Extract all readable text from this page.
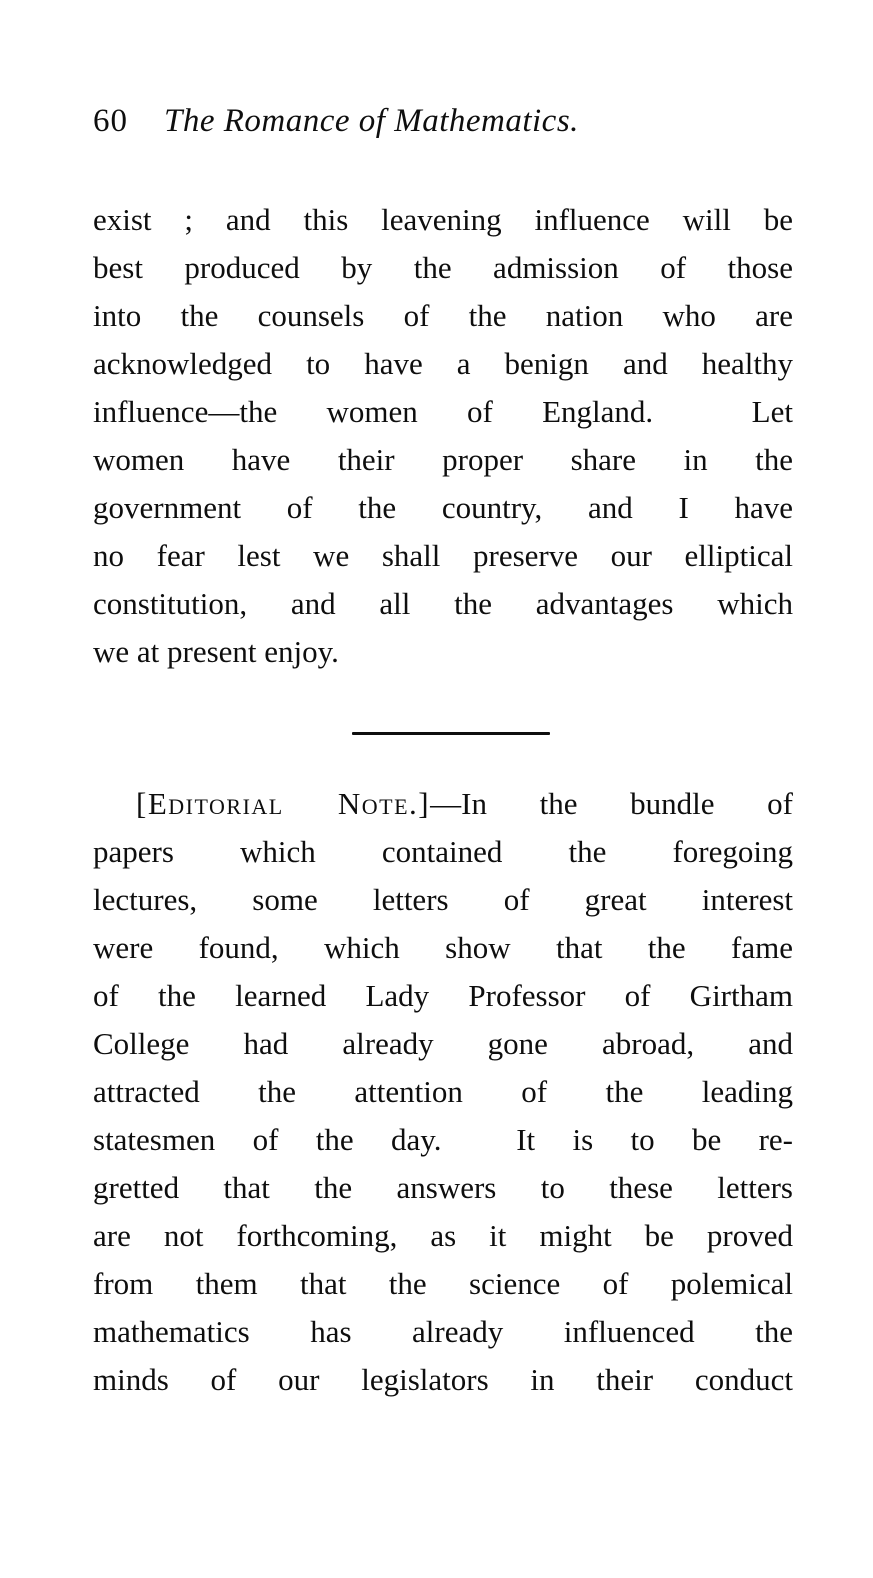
60 The Romance of Mathematics.
exist ; and this leavening influence will be
best produced by the admission of those
into the counsels of the nation who are
acknowledged to have a benign and healthy
influence—the women of England.  Let
women have their proper share in the
government of the country, and I have
no fear lest we shall preserve our elliptical
constitution, and all the advantages which
we at present enjoy.
[Editorial Note.]—In the bundle of
papers which contained the foregoing
lectures, some letters of great interest
were found, which show that the fame
of the learned Lady Professor of Girtham
College had already gone abroad, and
attracted the attention of the leading
statesmen of the day.  It is to be re-
gretted that the answers to these letters
are not forthcoming, as it might be proved
from them that the science of polemical
mathematics has already influenced the
minds of our legislators in their conduct
